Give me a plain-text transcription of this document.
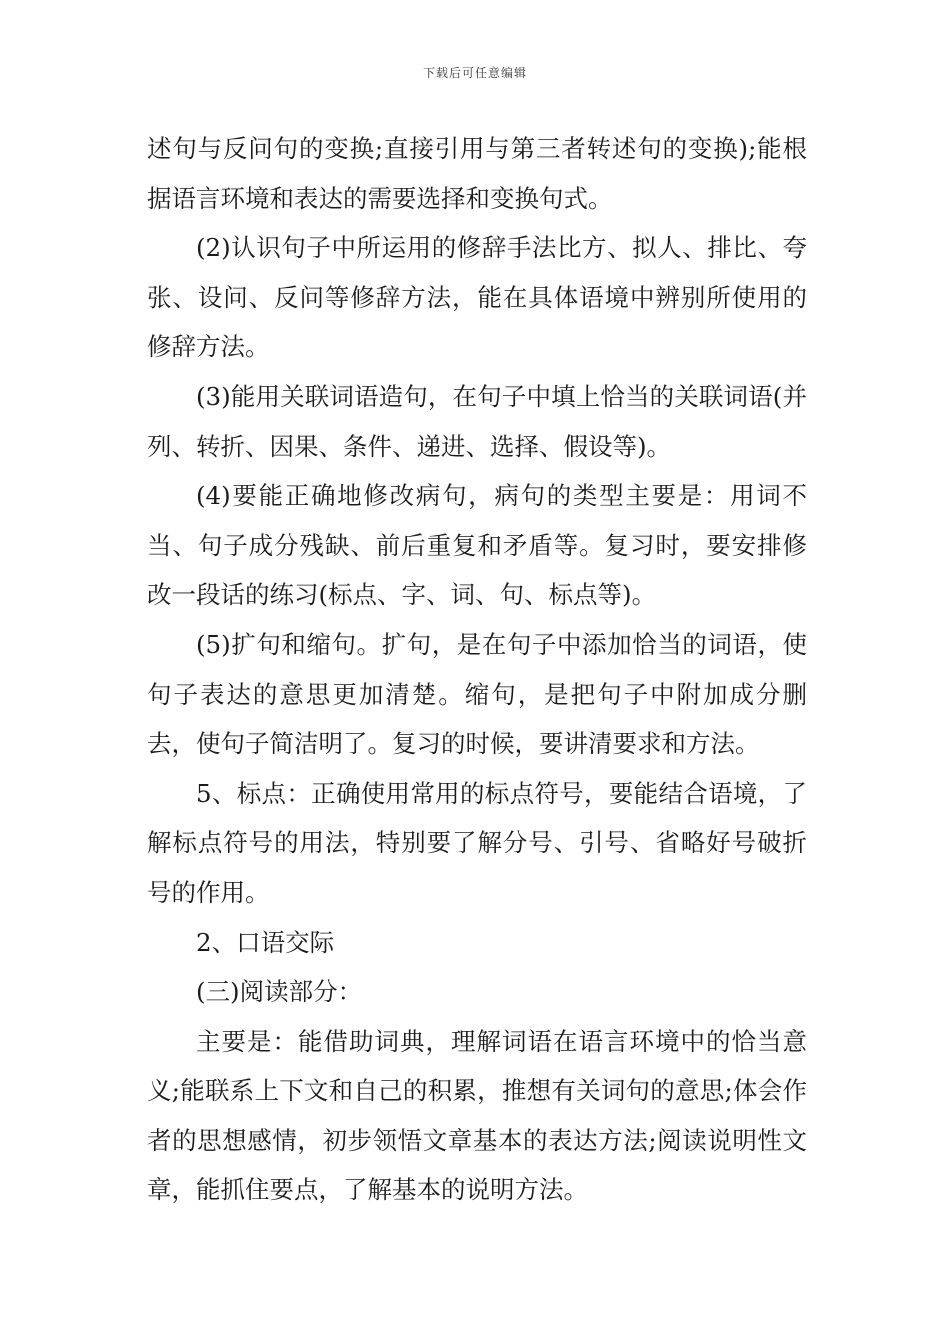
下载后可任意编辑

述句与反问句的变换;直接引用与第三者转述句的变换);能根据语言环境和表达的需要选择和变换句式。

(2)认识句子中所运用的修辞手法比方、拟人、排比、夸张、设问、反问等修辞方法，能在具体语境中辨别所使用的修辞方法。

(3)能用关联词语造句，在句子中填上恰当的关联词语(并列、转折、因果、条件、递进、选择、假设等)。

(4)要能正确地修改病句，病句的类型主要是：用词不当、句子成分残缺、前后重复和矛盾等。复习时，要安排修改一段话的练习(标点、字、词、句、标点等)。

(5)扩句和缩句。扩句，是在句子中添加恰当的词语，使句子表达的意思更加清楚。缩句，是把句子中附加成分删去，使句子简洁明了。复习的时候，要讲清要求和方法。

5、标点：正确使用常用的标点符号，要能结合语境，了解标点符号的用法，特别要了解分号、引号、省略好号破折号的作用。

2、口语交际

(三)阅读部分：

主要是：能借助词典，理解词语在语言环境中的恰当意义;能联系上下文和自己的积累，推想有关词句的意思;体会作者的思想感情，初步领悟文章基本的表达方法;阅读说明性文章，能抓住要点，了解基本的说明方法。
